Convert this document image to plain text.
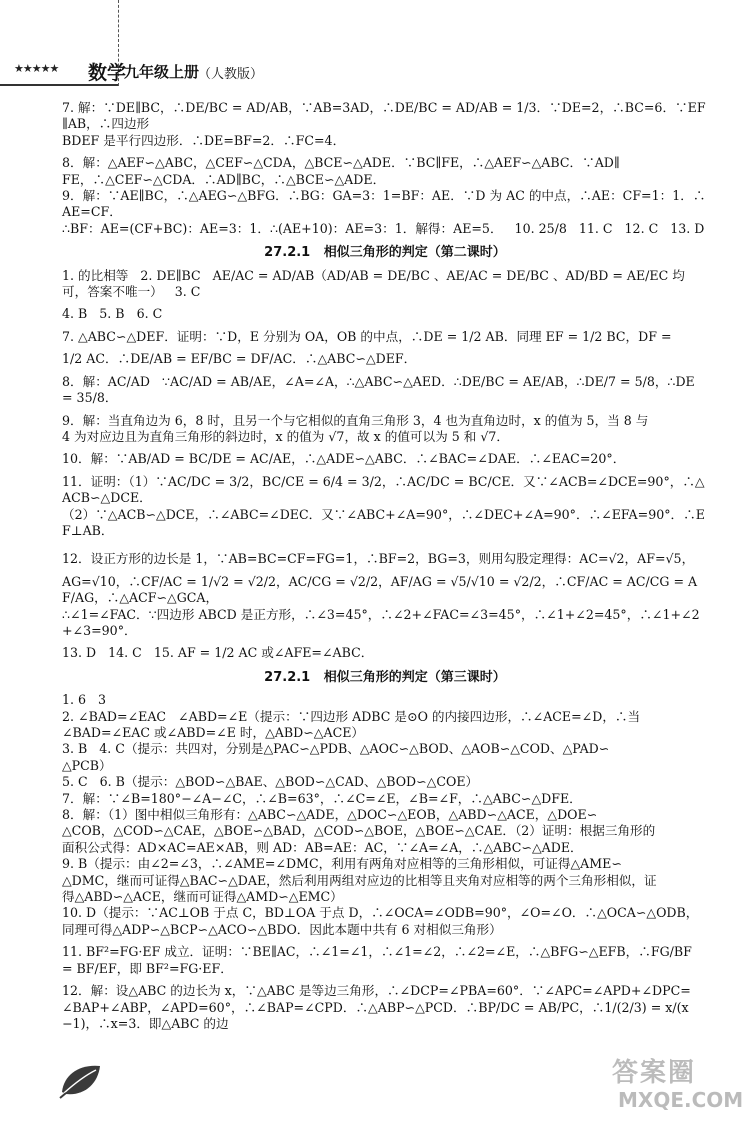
★★★★★ 数学
九年级上册
（人教版）

7. 解：∵DE∥BC，∴DE/BC = AD/AB，∵AB=3AD，∴DE/BC = AD/AB = 1/3．∵DE=2，∴BC=6．∵EF∥AB，∴四边形

BDEF 是平行四边形．∴DE=BF=2．∴FC=4．

8．解：△AEF∽△ABC，△CEF∽△CDA，△BCE∽△ADE．∵BC∥FE，∴△AEF∽△ABC．∵AD∥

FE，∴△CEF∽△CDA．∴AD∥BC，∴△BCE∽△ADE．

9．解：∵AE∥BC，∴△AEG∽△BFG．∴BG：GA=3：1=BF：AE．∵D 为 AC 的中点，∴AE：CF=1：1．∴AE=CF．

∴BF：AE=(CF+BC)：AE=3：1．∴(AE+10)：AE=3：1．解得：AE=5．   10. 25/8   11. C   12. C   13. D

27.2.1   相似三角形的判定（第二课时）

1. 的比相等   2. DE∥BC   AE/AC = AD/AB（AD/AB = DE/BC 、AE/AC = DE/BC 、AD/BD = AE/EC 均可，答案不唯一）   3. C

4. B   5. B   6. C

7. △ABC∽△DEF．证明：∵D，E 分别为 OA，OB 的中点，∴DE = 1/2 AB．同理 EF = 1/2 BC，DF =

1/2 AC．∴DE/AB = EF/BC = DF/AC．∴△ABC∽△DEF．

8．解：AC/AD   ∵AC/AD = AB/AE，∠A=∠A，∴△ABC∽△AED．∴DE/BC = AE/AB，∴DE/7 = 5/8，∴DE = 35/8．

9．解：当直角边为 6，8 时，且另一个与它相似的直角三角形 3，4 也为直角边时，x 的值为 5，当 8 与

4 为对应边且为直角三角形的斜边时，x 的值为 √7，故 x 的值可以为 5 和 √7．

10．解：∵AB/AD = BC/DE = AC/AE，∴△ADE∽△ABC．∴∠BAC=∠DAE．∴∠EAC=20°．

11．证明：（1）∵AC/DC = 3/2，BC/CE = 6/4 = 3/2，∴AC/DC = BC/CE．又∵∠ACB=∠DCE=90°，∴△ACB∽△DCE．

（2）∵△ACB∽△DCE，∴∠ABC=∠DEC．又∵∠ABC+∠A=90°，∴∠DEC+∠A=90°．∴∠EFA=90°．∴EF⊥AB．

12．设正方形的边长是 1，∵AB=BC=CF=FG=1，∴BF=2，BG=3，则用勾股定理得：AC=√2，AF=√5，

AG=√10，∴CF/AC = 1/√2 = √2/2，AC/CG = √2/2，AF/AG = √5/√10 = √2/2，∴CF/AC = AC/CG = AF/AG，∴△ACF∽△GCA，

∴∠1=∠FAC．∵四边形 ABCD 是正方形，∴∠3=45°，∴∠2+∠FAC=∠3=45°，∴∠1+∠2=45°，∴∠1+∠2+∠3=90°．

13. D   14. C   15. AF = 1/2 AC 或∠AFE=∠ABC．

27.2.1   相似三角形的判定（第三课时）

1. 6   3

2. ∠BAD=∠EAC   ∠ABD=∠E（提示：∵四边形 ADBC 是⊙O 的内接四边形，∴∠ACE=∠D，∴当

∠BAD=∠EAC 或∠ABD=∠E 时，△ABD∽△ACE）

3. B   4. C（提示：共四对，分别是△PAC∽△PDB、△AOC∽△BOD、△AOB∽△COD、△PAD∽

△PCB）

5. C   6. B（提示：△BOD∽△BAE、△BOD∽△CAD、△BOD∽△COE）

7．解：∵∠B=180°−∠A−∠C，∴∠B=63°，∴∠C=∠E，∠B=∠F，∴△ABC∽△DFE．

8．解：（1）图中相似三角形有：△ABC∽△ADE，△DOC∽△EOB，△ABD∽△ACE，△DOE∽

△COB，△COD∽△CAE，△BOE∽△BAD，△COD∽△BOE，△BOE∽△CAE．（2）证明：根据三角形的

面积公式得：AD×AC=AE×AB，则 AD：AB=AE：AC，∵∠A=∠A，∴△ABC∽△ADE．

9. B（提示：由∠2=∠3，∴∠AME=∠DMC，利用有两角对应相等的三角形相似，可证得△AME∽

△DMC，继而可证得△BAC∽△DAE，然后利用两组对应边的比相等且夹角对应相等的两个三角形相似，证

得△ABD∽△ACE，继而可证得△AMD∽△EMC）

10. D（提示：∵AC⊥OB 于点 C，BD⊥OA 于点 D，∴∠OCA=∠ODB=90°，∠O=∠O．∴△OCA∽△ODB，

同理可得△ADP∽△BCP∽△ACO∽△BDO．因此本题中共有 6 对相似三角形）

11. BF²=FG·EF 成立．证明：∵BE∥AC，∴∠1=∠1，∴∠1=∠2，∴∠2=∠E，∴△BFG∽△EFB，∴FG/BF

= BF/EF，即 BF²=FG·EF．

12．解：设△ABC 的边长为 x，∵△ABC 是等边三角形，∴∠DCP=∠PBA=60°．∵∠APC=∠APD+∠DPC=

∠BAP+∠ABP，∠APD=60°，∴∠BAP=∠CPD．∴△ABP∽△PCD．∴BP/DC = AB/PC，∴1/(2/3) = x/(x−1)，∴x=3．即△ABC 的边

答案圈
MXQE.COM
